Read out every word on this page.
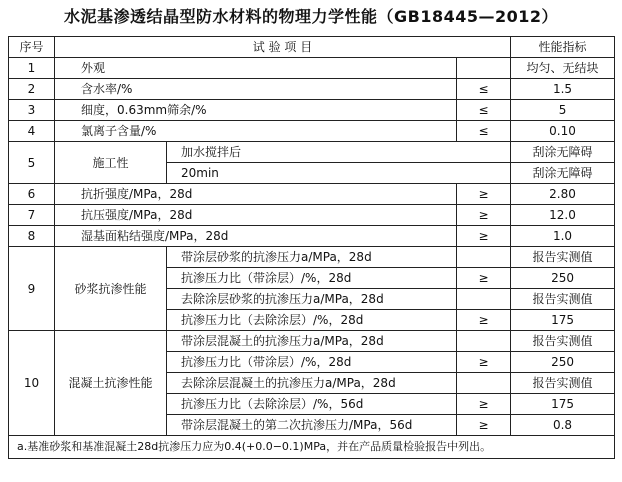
水泥基渗透结晶型防水材料的物理力学性能（GB18445—2012）
序号	试 验 项 目			性能指标
1	外观			均匀、无结块
2	含水率/%		≤	1.5
3	细度，0.63mm筛余/%		≤	5
4	氯离子含量/%		≤	0.10
5	施工性	加水搅拌后		刮涂无障碍
		20min		刮涂无障碍
6	抗折强度/MPa，28d		≥	2.80
7	抗压强度/MPa，28d		≥	12.0
8	湿基面粘结强度/MPa，28d		≥	1.0
9	砂浆抗渗性能	带涂层砂浆的抗渗压力a/MPa，28d		报告实测值
		抗渗压力比（带涂层）/%，28d	≥	250
		去除涂层砂浆的抗渗压力a/MPa，28d		报告实测值
		抗渗压力比（去除涂层）/%，28d	≥	175
10	混凝土抗渗性能	带涂层混凝土的抗渗压力a/MPa，28d		报告实测值
		抗渗压力比（带涂层）/%，28d	≥	250
		去除涂层混凝土的抗渗压力a/MPa，28d		报告实测值
		抗渗压力比（去除涂层）/%，56d	≥	175
		带涂层混凝土的第二次抗渗压力/MPa，56d	≥	0.8
a.基准砂浆和基准混凝土28d抗渗压力应为0.4(+0.0−0.1)MPa，并在产品质量检验报告中列出。				
